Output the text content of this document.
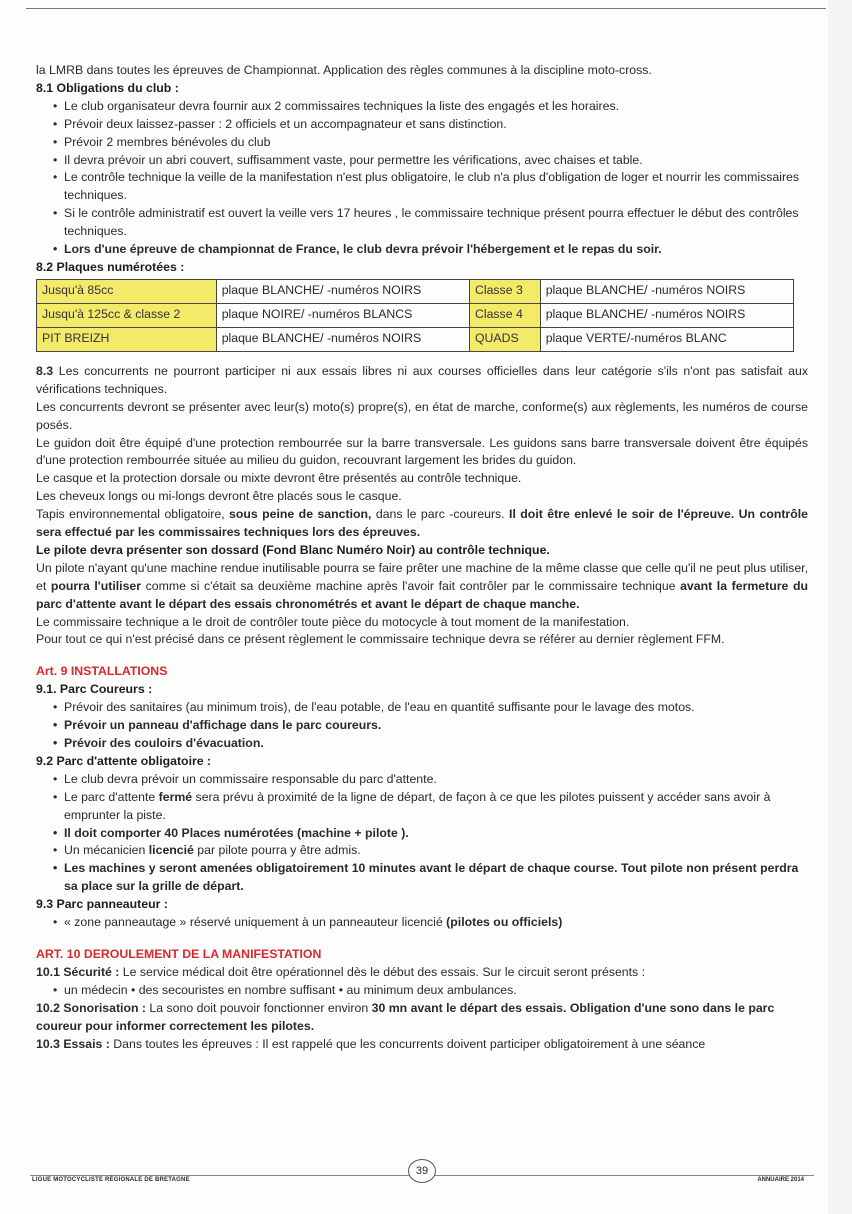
la LMRB dans toutes les épreuves de Championnat. Application des règles communes à la discipline moto-cross.

8.1 Obligations du club :

• Le club organisateur devra fournir aux 2 commissaires techniques la liste des engagés et les horaires.
• Prévoir deux laissez-passer : 2 officiels et un accompagnateur et sans distinction.
• Prévoir 2 membres bénévoles du club
• Il devra prévoir un abri couvert, suffisamment vaste, pour permettre les vérifications, avec chaises et table.
• Le contrôle technique la veille de la manifestation n'est plus obligatoire, le club n'a plus d'obligation de loger et nourrir les commissaires techniques.
• Si le contrôle administratif est ouvert la veille vers 17 heures , le commissaire technique présent pourra effectuer le début des contrôles techniques.
• Lors d'une épreuve de championnat de France, le club devra prévoir l'hébergement et le repas du soir.

8.2 Plaques numérotées :

Jusqu'à 85cc	plaque BLANCHE/ -numéros NOIRS	Classe 3	plaque BLANCHE/ -numéros NOIRS
Jusqu'à 125cc & classe 2	plaque NOIRE/ -numéros BLANCS	Classe 4	plaque BLANCHE/ -numéros NOIRS
PIT BREIZH	plaque BLANCHE/ -numéros NOIRS	QUADS	plaque VERTE/-numéros BLANC

8.3 Les concurrents ne pourront participer ni aux essais libres ni aux courses officielles dans leur catégorie s'ils n'ont pas satisfait aux vérifications techniques.

Les concurrents devront se présenter avec leur(s) moto(s) propre(s), en état de marche, conforme(s) aux règlements, les numéros de course posés.

Le guidon doit être équipé d'une protection rembourrée sur la barre transversale. Les guidons sans barre transversale doivent être équipés d'une protection rembourrée située au milieu du guidon, recouvrant largement les brides du guidon.

Le casque et la protection dorsale ou mixte devront être présentés au contrôle technique.

Les cheveux longs ou mi-longs devront être placés sous le casque.

Tapis environnemental obligatoire, sous peine de sanction, dans le parc -coureurs. Il doit être enlevé le soir de l'épreuve. Un contrôle sera effectué par les commissaires techniques lors des épreuves.

Le pilote devra présenter son dossard (Fond Blanc Numéro Noir) au contrôle technique.

Un pilote n'ayant qu'une machine rendue inutilisable pourra se faire prêter une machine de la même classe que celle qu'il ne peut plus utiliser, et pourra l'utiliser comme si c'était sa deuxième machine après l'avoir fait contrôler par le commissaire technique avant la fermeture du parc d'attente avant le départ des essais chronométrés et avant le départ de chaque manche.

Le commissaire technique a le droit de contrôler toute pièce du motocycle à tout moment de la manifestation.

Pour tout ce qui n'est précisé dans ce présent règlement le commissaire technique devra se référer au dernier règlement FFM.

Art. 9 INSTALLATIONS

9.1. Parc Coureurs :

• Prévoir des sanitaires (au minimum trois), de l'eau potable, de l'eau en quantité suffisante pour le lavage des motos.
• Prévoir un panneau d'affichage dans le parc coureurs.
• Prévoir des couloirs d'évacuation.

9.2 Parc d'attente obligatoire :

• Le club devra prévoir un commissaire responsable du parc d'attente.
• Le parc d'attente fermé sera prévu à proximité de la ligne de départ, de façon à ce que les pilotes puissent y accéder sans avoir à emprunter la piste.
• Il doit comporter 40 Places numérotées (machine + pilote ).
• Un mécanicien licencié par pilote pourra y être admis.
• Les machines y seront amenées obligatoirement 10 minutes avant le départ de chaque course. Tout pilote non présent perdra sa place sur la grille de départ.

9.3 Parc panneauteur :

• « zone panneautage » réservé uniquement à un panneauteur licencié (pilotes ou officiels)

ART. 10 DEROULEMENT DE LA MANIFESTATION

10.1 Sécurité : Le service médical doit être opérationnel dès le début des essais. Sur le circuit seront présents :

• un médecin • des secouristes en nombre suffisant • au minimum deux ambulances.

10.2 Sonorisation : La sono doit pouvoir fonctionner environ 30 mn avant le départ des essais. Obligation d'une sono dans le parc coureur pour informer correctement les pilotes.

10.3 Essais : Dans toutes les épreuves : Il est rappelé que les concurrents doivent participer obligatoirement à une séance

LIGUE MOTOCYCLISTE RÉGIONALE DE BRETAGNE
39
ANNUAIRE 2014
